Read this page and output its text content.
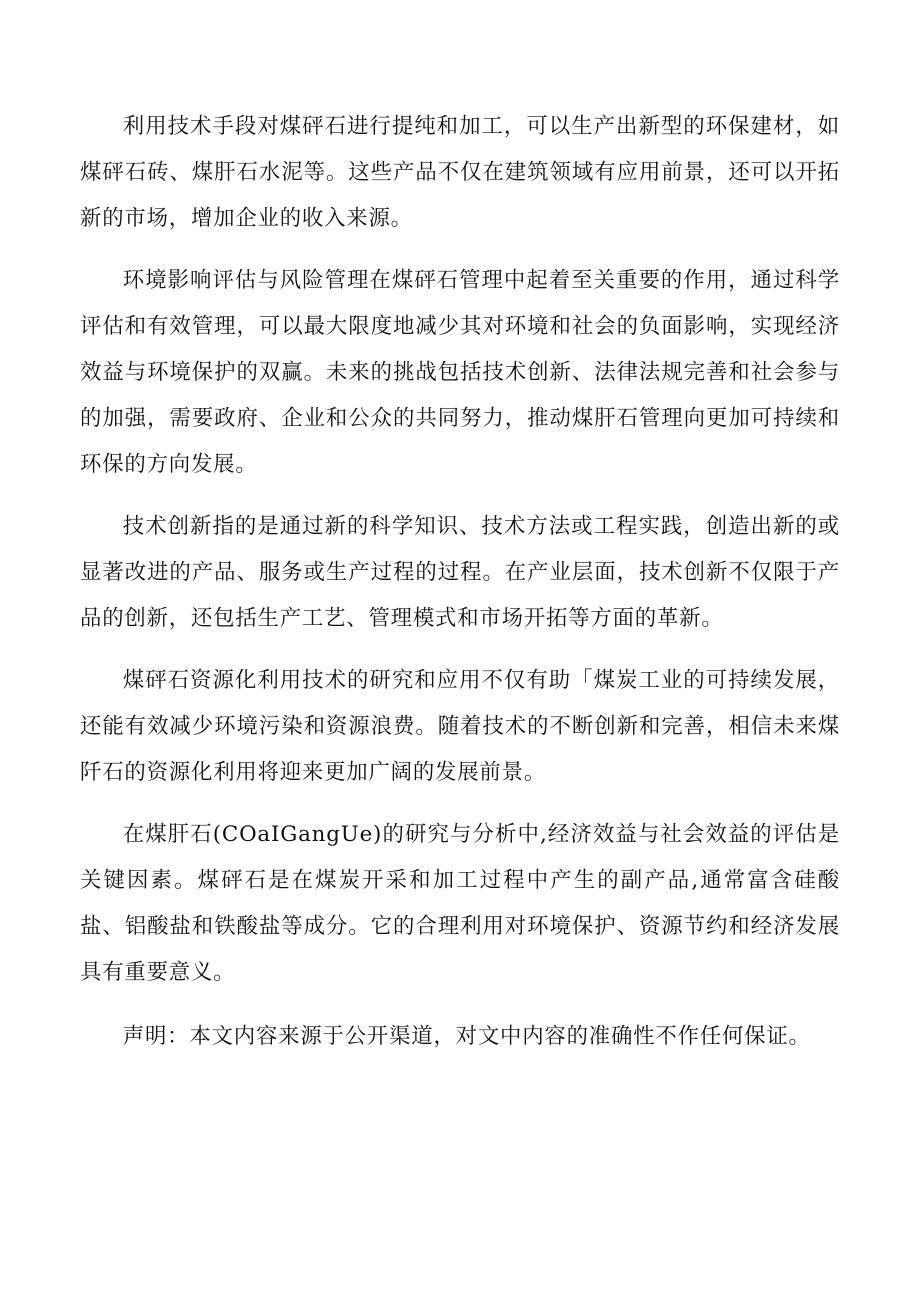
利用技术手段对煤砰石进行提纯和加工，可以生产出新型的环保建材，如煤砰石砖、煤肝石水泥等。这些产品不仅在建筑领域有应用前景，还可以开拓新的市场，增加企业的收入来源。

环境影响评估与风险管理在煤砰石管理中起着至关重要的作用，通过科学评估和有效管理，可以最大限度地减少其对环境和社会的负面影响，实现经济效益与环境保护的双赢。未来的挑战包括技术创新、法律法规完善和社会参与的加强，需要政府、企业和公众的共同努力，推动煤肝石管理向更加可持续和环保的方向发展。

技术创新指的是通过新的科学知识、技术方法或工程实践，创造出新的或显著改进的产品、服务或生产过程的过程。在产业层面，技术创新不仅限于产品的创新，还包括生产工艺、管理模式和市场开拓等方面的革新。

煤砰石资源化利用技术的研究和应用不仅有助「煤炭工业的可持续发展，还能有效减少环境污染和资源浪费。随着技术的不断创新和完善，相信未来煤阡石的资源化利用将迎来更加广阔的发展前景。

在煤肝石(COaIGangUe)的研究与分析中,经济效益与社会效益的评估是关键因素。煤砰石是在煤炭开采和加工过程中产生的副产品,通常富含硅酸盐、铝酸盐和铁酸盐等成分。它的合理利用对环境保护、资源节约和经济发展具有重要意义。

声明：本文内容来源于公开渠道，对文中内容的准确性不作任何保证。
